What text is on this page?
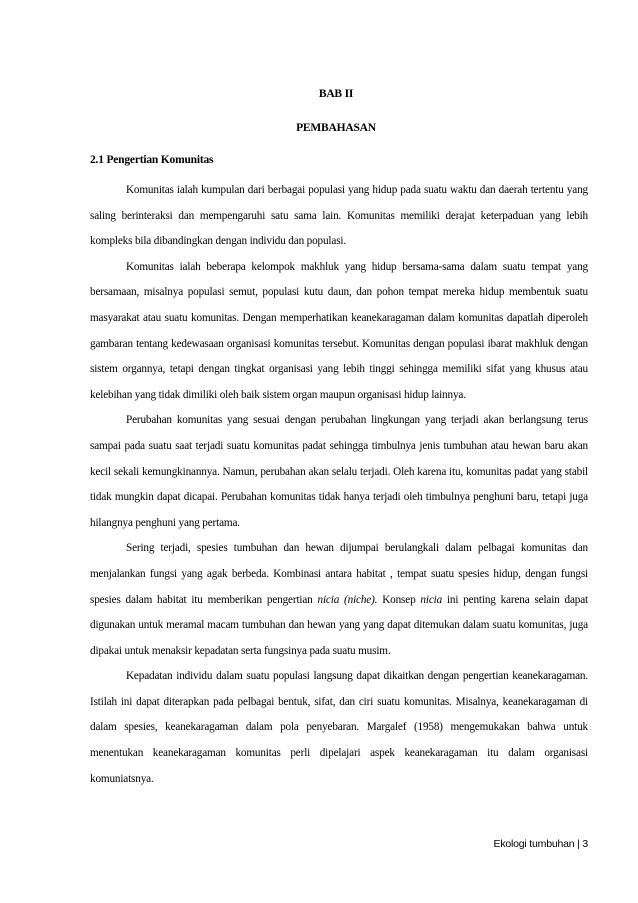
BAB II
PEMBAHASAN
2.1 Pengertian Komunitas

Komunitas ialah kumpulan dari berbagai populasi yang hidup pada suatu waktu dan daerah tertentu yang saling berinteraksi dan mempengaruhi satu sama lain. Komunitas memiliki derajat keterpaduan yang lebih kompleks bila dibandingkan dengan individu dan populasi.

Komunitas ialah beberapa kelompok makhluk yang hidup bersama-sama dalam suatu tempat yang bersamaan, misalnya populasi semut, populasi kutu daun, dan pohon tempat mereka hidup membentuk suatu masyarakat atau suatu komunitas. Dengan memperhatikan keanekaragaman dalam komunitas dapatlah diperoleh gambaran tentang kedewasaan organisasi komunitas tersebut. Komunitas dengan populasi ibarat makhluk dengan sistem organnya, tetapi dengan tingkat organisasi yang lebih tinggi sehingga memiliki sifat yang khusus atau kelebihan yang tidak dimiliki oleh baik sistem organ maupun organisasi hidup lainnya.

Perubahan komunitas yang sesuai dengan perubahan lingkungan yang terjadi akan berlangsung terus sampai pada suatu saat terjadi suatu komunitas padat sehingga timbulnya jenis tumbuhan atau hewan baru akan kecil sekali kemungkinannya. Namun, perubahan akan selalu terjadi. Oleh karena itu, komunitas padat yang stabil tidak mungkin dapat dicapai. Perubahan komunitas tidak hanya terjadi oleh timbulnya penghuni baru, tetapi juga hilangnya penghuni yang pertama.

Sering terjadi, spesies tumbuhan dan hewan dijumpai berulangkali dalam pelbagai komunitas dan menjalankan fungsi yang agak berbeda. Kombinasi antara habitat , tempat suatu spesies hidup, dengan fungsi spesies dalam habitat itu memberikan pengertian nicia (niche). Konsep nicia ini penting karena selain dapat digunakan untuk meramal macam tumbuhan dan hewan yang yang dapat ditemukan dalam suatu komunitas, juga dipakai untuk menaksir kepadatan serta fungsinya pada suatu musim.

Kepadatan individu dalam suatu populasi langsung dapat dikaitkan dengan pengertian keanekaragaman. Istilah ini dapat diterapkan pada pelbagai bentuk, sifat, dan ciri suatu komunitas. Misalnya, keanekaragaman di dalam spesies, keanekaragaman dalam pola penyebaran. Margalef (1958) mengemukakan bahwa untuk menentukan keanekaragaman komunitas perli dipelajari aspek keanekaragaman itu dalam organisasi komuniatsnya.

Ekologi tumbuhan | 3
